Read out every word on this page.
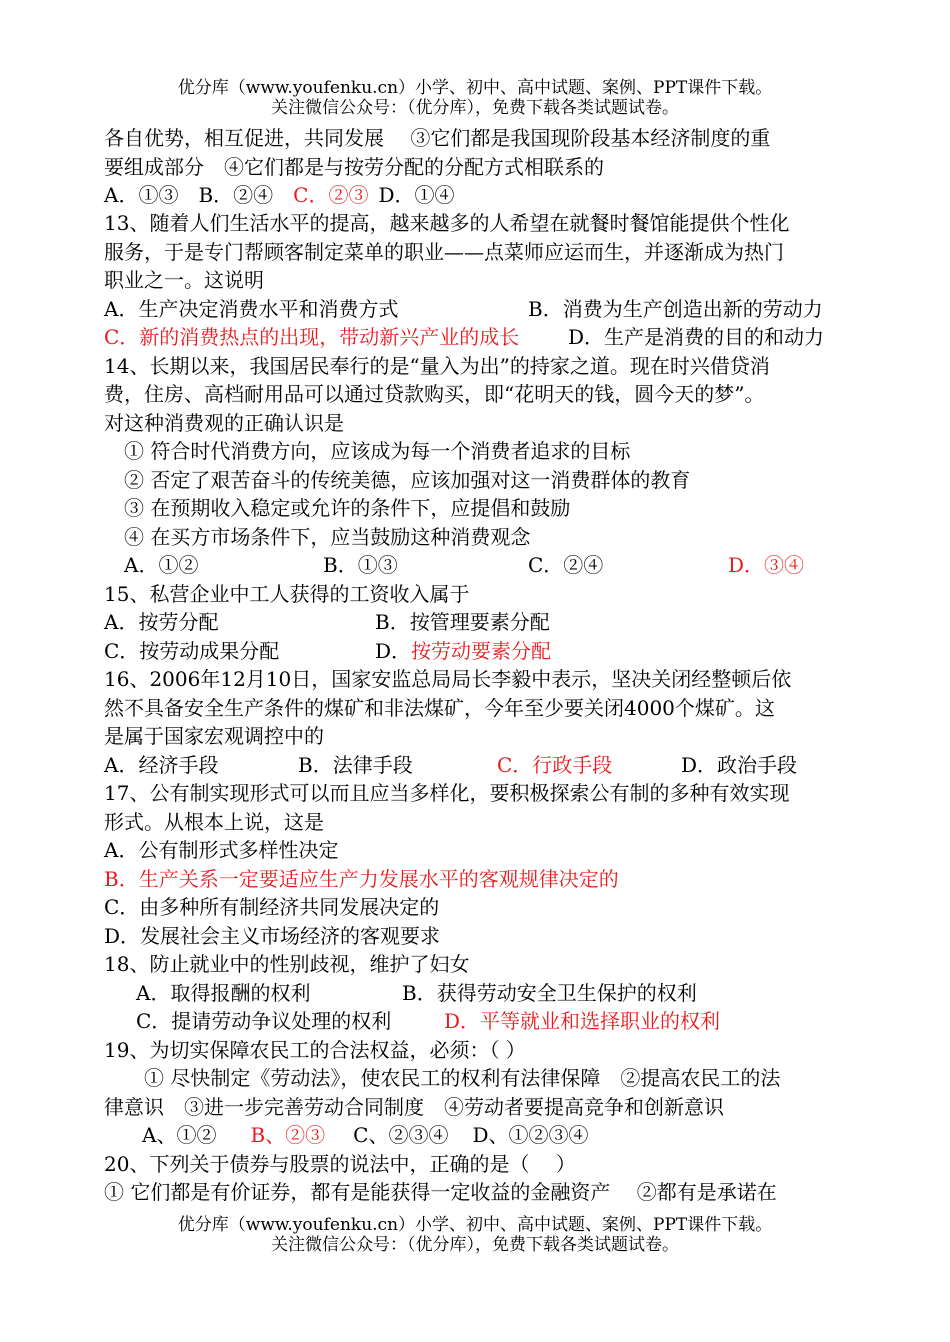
优分库（www.youfenku.cn）小学、初中、高中试题、案例、PPT课件下载。
关注微信公众号：（优分库），免费下载各类试题试卷。
各自优势，相互促进，共同发展　 ③它们都是我国现阶段基本经济制度的重
要组成部分　④它们都是与按劳分配的分配方式相联系的
A．①③ B．②④ C．②③ D．①④
13、随着人们生活水平的提高，越来越多的人希望在就餐时餐馆能提供个性化
服务，于是专门帮顾客制定菜单的职业——点菜师应运而生，并逐渐成为热门
职业之一。这说明
A．生产决定消费水平和消费方式	B．消费为生产创造出新的劳动力
C．新的消费热点的出现，带动新兴产业的成长 D．生产是消费的目的和动力
14、长期以来，我国居民奉行的是“量入为出”的持家之道。现在时兴借贷消
费，住房、高档耐用品可以通过贷款购买，即“花明天的钱，圆今天的梦”。
对这种消费观的正确认识是
① 符合时代消费方向，应该成为每一个消费者追求的目标
② 否定了艰苦奋斗的传统美德，应该加强对这一消费群体的教育
③ 在预期收入稳定或允许的条件下，应提倡和鼓励
④ 在买方市场条件下，应当鼓励这种消费观念
A．①②	B．①③	C．②④	D．③④
15、私营企业中工人获得的工资收入属于
A．按劳分配	B．按管理要素分配
C．按劳动成果分配	D．按劳动要素分配
16、2006年12月10日，国家安监总局局长李毅中表示，坚决关闭经整顿后依
然不具备安全生产条件的煤矿和非法煤矿，今年至少要关闭4000个煤矿。这
是属于国家宏观调控中的
A．经济手段	B．法律手段	C．行政手段	D．政治手段
17、公有制实现形式可以而且应当多样化，要积极探索公有制的多种有效实现
形式。从根本上说，这是
A．公有制形式多样性决定
B．生产关系一定要适应生产力发展水平的客观规律决定的
C．由多种所有制经济共同发展决定的
D．发展社会主义市场经济的客观要求
18、防止就业中的性别歧视，维护了妇女
A．取得报酬的权利	B．获得劳动安全卫生保护的权利
C．提请劳动争议处理的权利	D．平等就业和选择职业的权利
19、为切实保障农民工的合法权益，必须：（ ）
① 尽快制定《劳动法》，使农民工的权利有法律保障　②提高农民工的法
律意识　③进一步完善劳动合同制度　④劳动者要提高竞争和创新意识
A、①② B、②③ C、②③④ D、①②③④
20、下列关于债券与股票的说法中，正确的是（　 ）
① 它们都是有价证券，都有是能获得一定收益的金融资产　 ②都有是承诺在
优分库（www.youfenku.cn）小学、初中、高中试题、案例、PPT课件下载。
关注微信公众号：（优分库），免费下载各类试题试卷。
